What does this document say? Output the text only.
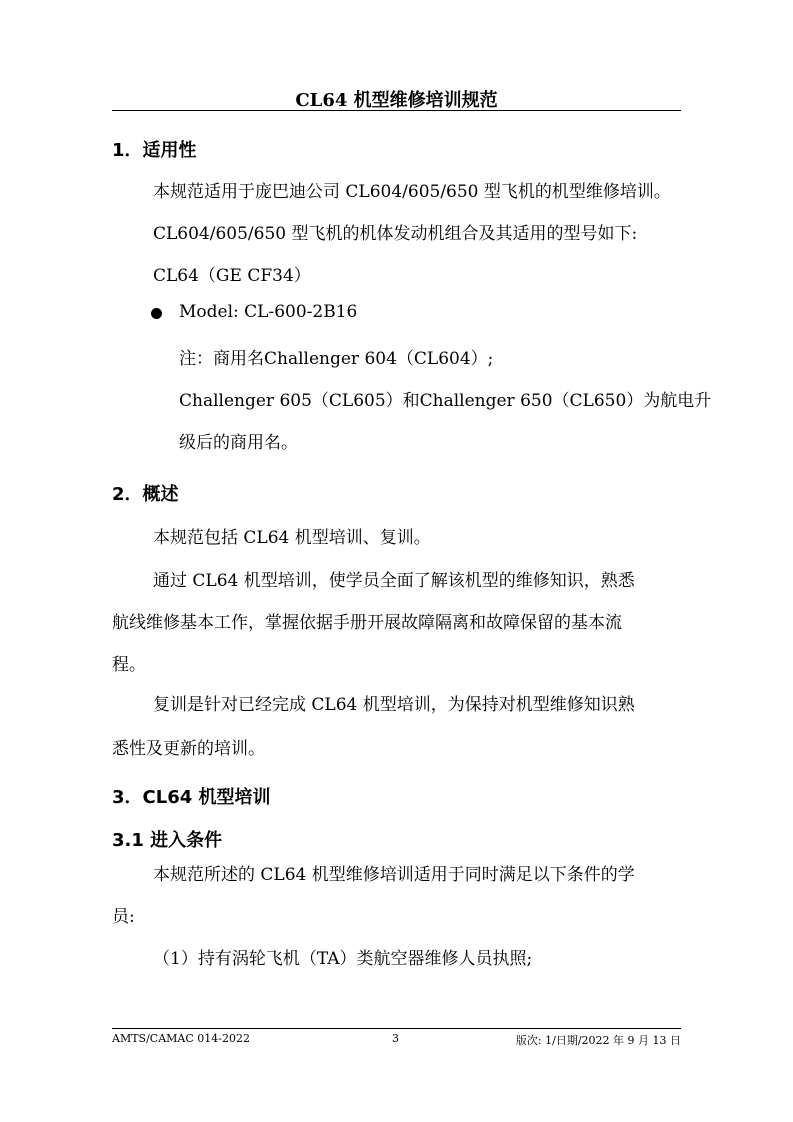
CL64 机型维修培训规范
1．适用性
本规范适用于庞巴迪公司 CL604/605/650 型飞机的机型维修培训。
CL604/605/650 型飞机的机体发动机组合及其适用的型号如下:
CL64（GE CF34）
Model: CL-600-2B16
注：商用名Challenger 604（CL604）;
Challenger 605（CL605）和Challenger 650（CL650）为航电升
级后的商用名。
2．概述
本规范包括 CL64 机型培训、复训。
通过 CL64 机型培训，使学员全面了解该机型的维修知识，熟悉
航线维修基本工作，掌握依据手册开展故障隔离和故障保留的基本流
程。
复训是针对已经完成 CL64 机型培训，为保持对机型维修知识熟
悉性及更新的培训。
3．CL64 机型培训
3.1 进入条件
本规范所述的 CL64 机型维修培训适用于同时满足以下条件的学
员:
（1）持有涡轮飞机（TA）类航空器维修人员执照;
AMTS/CAMAC 014-2022	3	版次: 1/日期/2022 年 9 月 13 日
